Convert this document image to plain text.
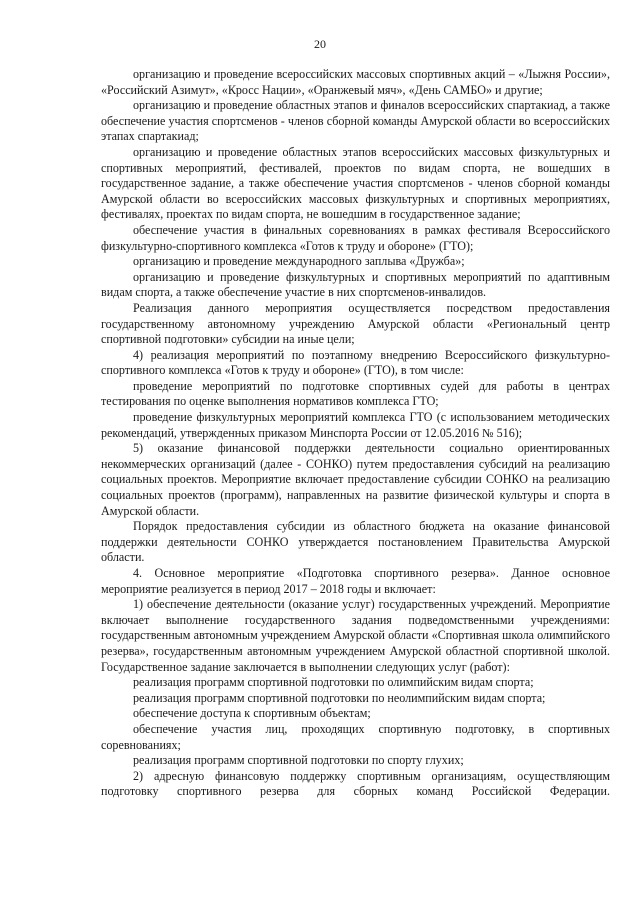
20

организацию и проведение всероссийских массовых спортивных акций – «Лыжня России», «Российский Азимут», «Кросс Нации», «Оранжевый мяч», «День САМБО» и другие;

организацию и проведение областных этапов и финалов всероссийских спартакиад, а также обеспечение участия спортсменов - членов сборной команды Амурской области во всероссийских этапах спартакиад;

организацию и проведение областных этапов всероссийских массовых физкультурных и спортивных мероприятий, фестивалей, проектов по видам спорта, не вошедших в государственное задание, а также обеспечение участия спортсменов - членов сборной команды Амурской области во всероссийских массовых физкультурных и спортивных мероприятиях, фестивалях, проектах по видам спорта, не вошедшим в государственное задание;

обеспечение участия в финальных соревнованиях в рамках фестиваля Всероссийского физкультурно-спортивного комплекса «Готов к труду и обороне» (ГТО);

организацию и проведение международного заплыва «Дружба»;

организацию и проведение физкультурных и спортивных мероприятий по адаптивным видам спорта, а также обеспечение участие в них спортсменов-инвалидов.

Реализация данного мероприятия осуществляется посредством предоставления государственному автономному учреждению Амурской области «Региональный центр спортивной подготовки» субсидии на иные цели;

4) реализация мероприятий по поэтапному внедрению Всероссийского физкультурно-спортивного комплекса «Готов к труду и обороне» (ГТО), в том числе:

проведение мероприятий по подготовке спортивных судей для работы в центрах тестирования по оценке выполнения нормативов комплекса ГТО;

проведение физкультурных мероприятий комплекса ГТО (с использованием методических рекомендаций, утвержденных приказом Минспорта России от 12.05.2016 № 516);

5) оказание финансовой поддержки деятельности социально ориентированных некоммерческих организаций (далее - СОНКО) путем предоставления субсидий на реализацию социальных проектов. Мероприятие включает предоставление субсидии СОНКО на реализацию социальных проектов (программ), направленных на развитие физической культуры и спорта в Амурской области.

Порядок предоставления субсидии из областного бюджета на оказание финансовой поддержки деятельности СОНКО утверждается постановлением Правительства Амурской области.

4. Основное мероприятие «Подготовка спортивного резерва». Данное основное мероприятие реализуется в период 2017 – 2018 годы и включает:

1) обеспечение деятельности (оказание услуг) государственных учреждений. Мероприятие включает выполнение государственного задания подведомственными учреждениями: государственным автономным учреждением Амурской области «Спортивная школа олимпийского резерва», государственным автономным учреждением Амурской областной спортивной школой. Государственное задание заключается в выполнении следующих услуг (работ):

реализация программ спортивной подготовки по олимпийским видам спорта;

реализация программ спортивной подготовки по неолимпийским видам спорта;

обеспечение доступа к спортивным объектам;

обеспечение участия лиц, проходящих спортивную подготовку, в спортивных соревнованиях;

реализация программ спортивной подготовки по спорту глухих;

2) адресную финансовую поддержку спортивным организациям, осуществляющим подготовку спортивного резерва для сборных команд Российской Федерации.
